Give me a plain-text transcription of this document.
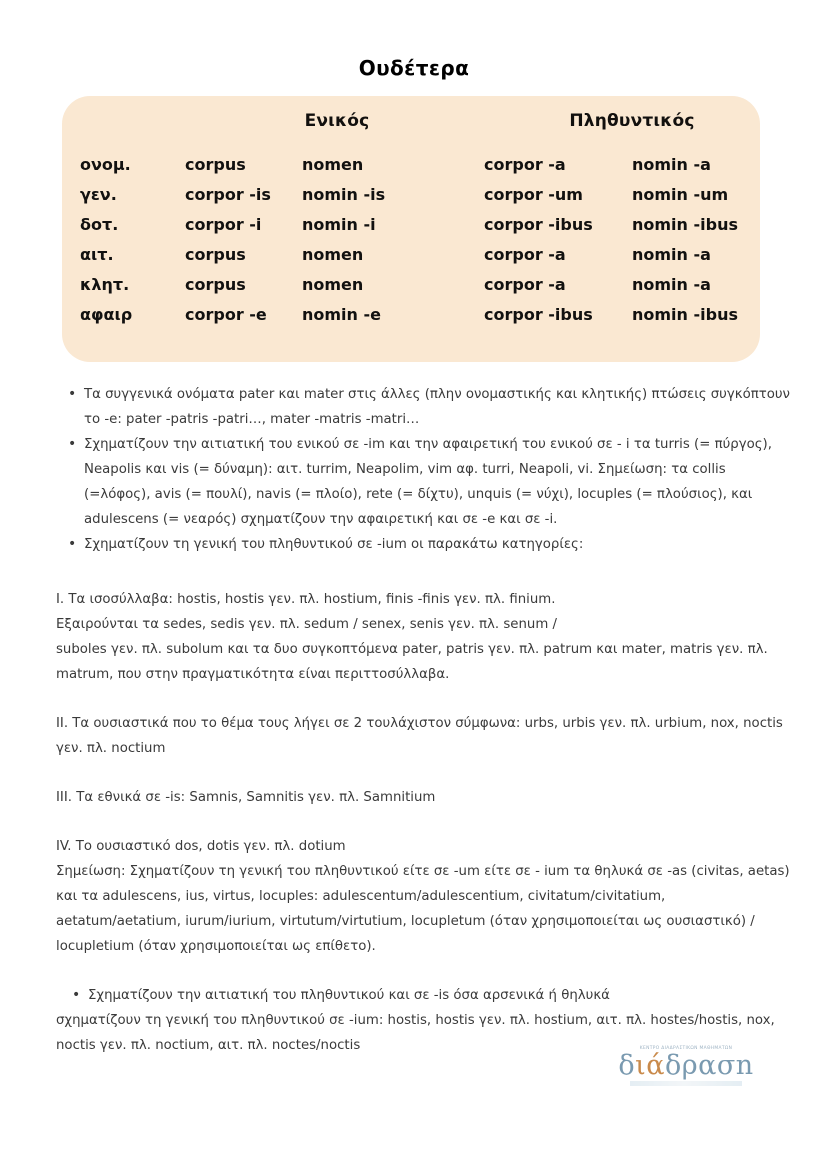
Ουδέτερα
Ενικός	Πληθυντικός
ονομ.	corpus	nomen	corpor -a	nomin -a
γεν.	corpor -is	nomin -is	corpor -um	nomin -um
δοτ.	corpor -i	nomin -i	corpor -ibus	nomin -ibus
αιτ.	corpus	nomen	corpor -a	nomin -a
κλητ.	corpus	nomen	corpor -a	nomin -a
αφαιρ	corpor -e	nomin -e	corpor -ibus	nomin -ibus
• Τα συγγενικά ονόματα pater και mater στις άλλες (πλην ονομαστικής και κλητικής) πτώσεις συγκόπτουν το -e: pater -patris -patri…, mater -matris -matri…
• Σχηματίζουν την αιτιατική του ενικού σε -im και την αφαιρετική του ενικού σε - i τα turris (= πύργος), Neapolis και vis (= δύναμη): αιτ. turrim, Neapolim, vim αφ. turri, Neapoli, vi. Σημείωση: τα collis (=λόφος), avis (= πουλί), navis (= πλοίο), rete (= δίχτυ), unquis (= νύχι), locuples (= πλούσιος), και adulescens (= νεαρός) σχηματίζουν την αφαιρετική και σε -e και σε -i.
• Σχηματίζουν τη γενική του πληθυντικού σε -ium οι παρακάτω κατηγορίες:

I. Τα ισοσύλλαβα: hostis, hostis γεν. πλ. hostium, finis -finis γεν. πλ. finium.

Εξαιρούνται τα sedes, sedis γεν. πλ. sedum / senex, senis γεν. πλ. senum /

suboles γεν. πλ. subolum και τα δυο συγκοπτόμενα pater, patris γεν. πλ. patrum και mater, matris γεν. πλ. matrum, που στην πραγματικότητα είναι περιττοσύλλαβα.

II. Τα ουσιαστικά που το θέμα τους λήγει σε 2 τουλάχιστον σύμφωνα: urbs, urbis γεν. πλ. urbium, nox, noctis γεν. πλ. noctium

III. Τα εθνικά σε -is: Samnis, Samnitis γεν. πλ. Samnitium

IV. Το ουσιαστικό dos, dotis γεν. πλ. dotium

Σημείωση: Σχηματίζουν τη γενική του πληθυντικού είτε σε -um είτε σε - ium τα θηλυκά σε -as (civitas, aetas) και τα adulescens, ius, virtus, locuples: adulescentum/adulescentium, civitatum/civitatium, aetatum/aetatium, iurum/iurium, virtutum/virtutium, locupletum (όταν χρησιμοποιείται ως ουσιαστικό) / locupletium (όταν χρησιμοποιείται ως επίθετο).

• Σχηματίζουν την αιτιατική του πληθυντικού και σε -is όσα αρσενικά ή θηλυκά

σχηματίζουν τη γενική του πληθυντικού σε -ium: hostis, hostis γεν. πλ. hostium, αιτ. πλ. hostes/hostis, nox, noctis γεν. πλ. noctium, αιτ. πλ. noctes/noctis	ΚΕΝΤΡΟ ΔΙΑΔΡΑΣΤΙΚΩΝ ΜΑΘΗΜΑΤΩΝ
διάδρασn
